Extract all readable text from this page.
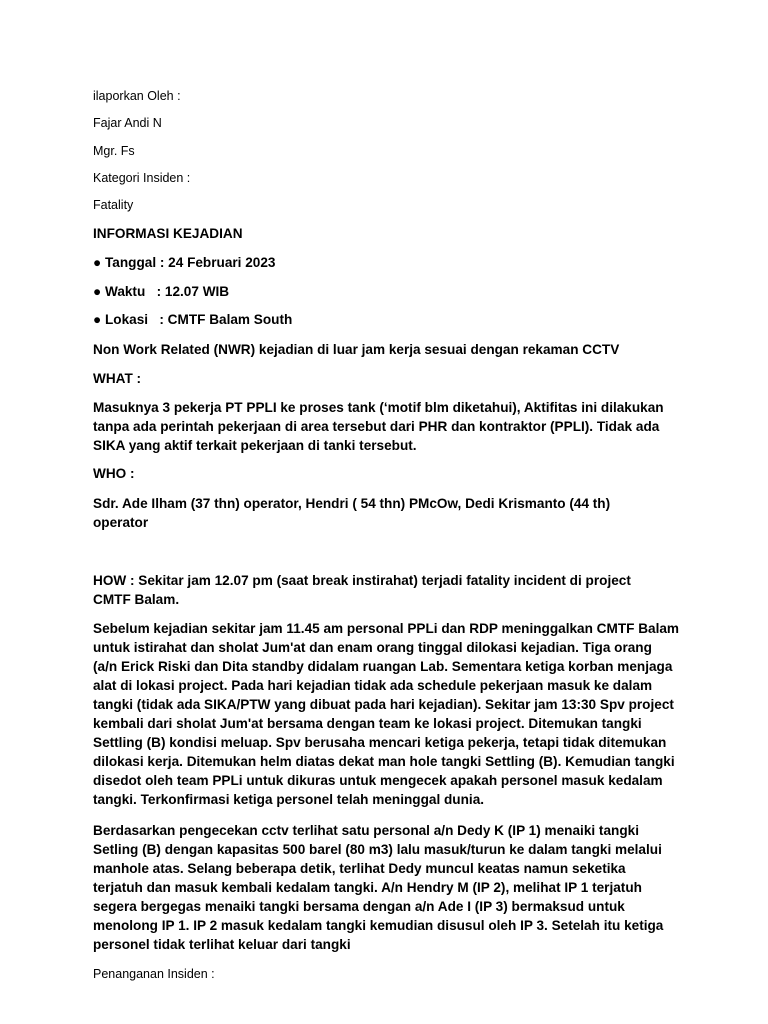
ilaporkan Oleh :
Fajar Andi N
Mgr. Fs
Kategori Insiden :
Fatality
INFORMASI KEJADIAN
● Tanggal : 24 Februari 2023
● Waktu   : 12.07 WIB
● Lokasi   : CMTF Balam South
Non Work Related (NWR) kejadian di luar jam kerja sesuai dengan rekaman CCTV
WHAT :
Masuknya 3 pekerja PT PPLI ke proses tank (‘motif blm diketahui), Aktifitas ini dilakukan
tanpa ada perintah pekerjaan di area tersebut dari PHR dan kontraktor (PPLI). Tidak ada
SIKA yang aktif terkait pekerjaan di tanki tersebut.
WHO :
Sdr. Ade Ilham (37 thn) operator, Hendri ( 54 thn) PMcOw, Dedi Krismanto (44 th)
operator
HOW : Sekitar jam 12.07 pm (saat break instirahat) terjadi fatality incident di project
CMTF Balam.
Sebelum kejadian sekitar jam 11.45 am personal PPLi dan RDP meninggalkan CMTF Balam
untuk istirahat dan sholat Jum'at dan enam orang tinggal dilokasi kejadian. Tiga orang
(a/n Erick Riski dan Dita standby didalam ruangan Lab. Sementara ketiga korban menjaga
alat di lokasi project. Pada hari kejadian tidak ada schedule pekerjaan masuk ke dalam
tangki (tidak ada SIKA/PTW yang dibuat pada hari kejadian). Sekitar jam 13:30 Spv project
kembali dari sholat Jum'at bersama dengan team ke lokasi project. Ditemukan tangki
Settling (B) kondisi meluap. Spv berusaha mencari ketiga pekerja, tetapi tidak ditemukan
dilokasi kerja. Ditemukan helm diatas dekat man hole tangki Settling (B). Kemudian tangki
disedot oleh team PPLi untuk dikuras untuk mengecek apakah personel masuk kedalam
tangki. Terkonfirmasi ketiga personel telah meninggal dunia.
Berdasarkan pengecekan cctv terlihat satu personal a/n Dedy K (IP 1) menaiki tangki
Setling (B) dengan kapasitas 500 barel (80 m3) lalu masuk/turun ke dalam tangki melalui
manhole atas. Selang beberapa detik, terlihat Dedy muncul keatas namun seketika
terjatuh dan masuk kembali kedalam tangki. A/n Hendry M (IP 2), melihat IP 1 terjatuh
segera bergegas menaiki tangki bersama dengan a/n Ade I (IP 3) bermaksud untuk
menolong IP 1. IP 2 masuk kedalam tangki kemudian disusul oleh IP 3. Setelah itu ketiga
personel tidak terlihat keluar dari tangki
Penanganan Insiden :
